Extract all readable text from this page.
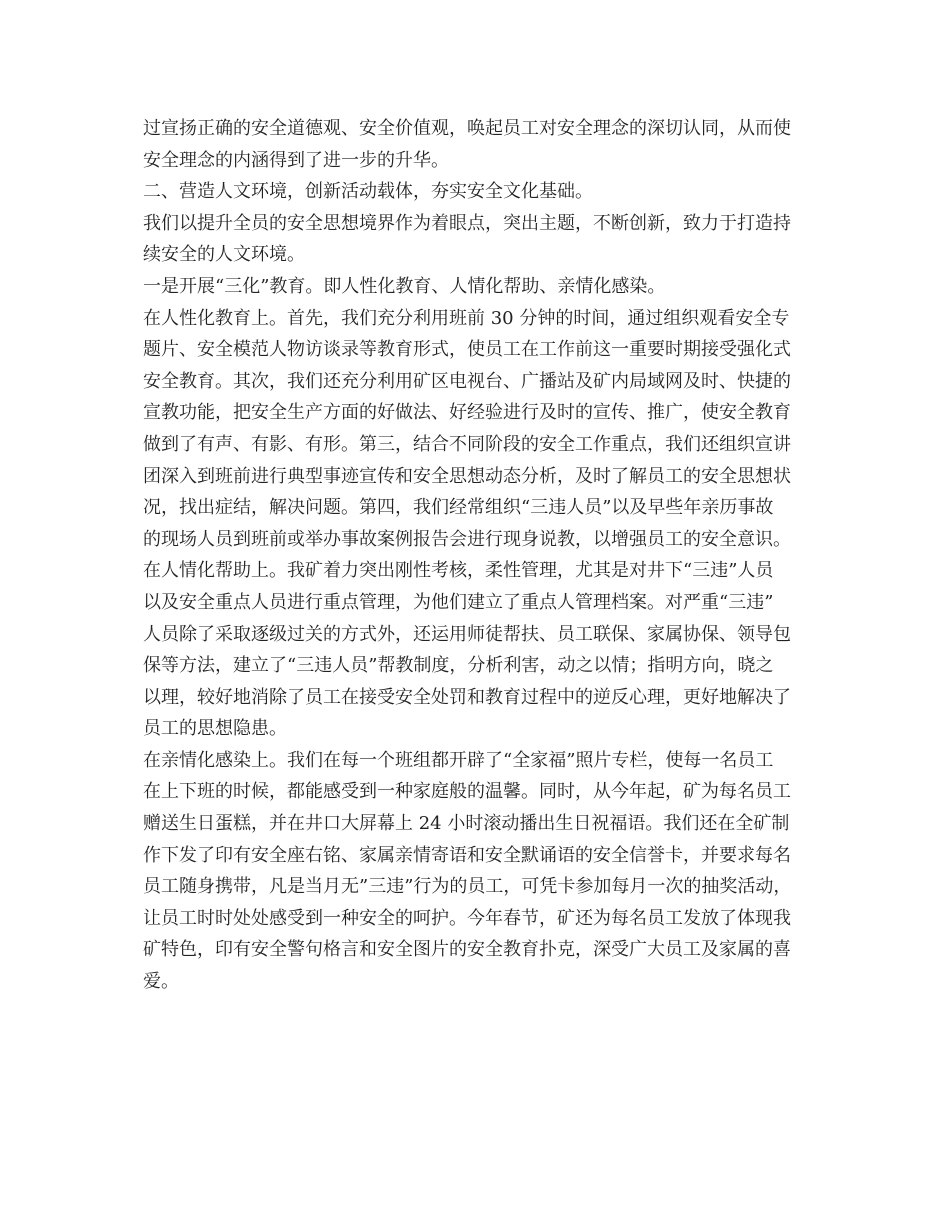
过宣扬正确的安全道德观、安全价值观，唤起员工对安全理念的深切认同，从而使
安全理念的内涵得到了进一步的升华。
二、营造人文环境，创新活动载体，夯实安全文化基础。
我们以提升全员的安全思想境界作为着眼点，突出主题，不断创新，致力于打造持
续安全的人文环境。
一是开展“三化”教育。即人性化教育、人情化帮助、亲情化感染。
在人性化教育上。首先，我们充分利用班前 30 分钟的时间，通过组织观看安全专
题片、安全模范人物访谈录等教育形式，使员工在工作前这一重要时期接受强化式
安全教育。其次，我们还充分利用矿区电视台、广播站及矿内局域网及时、快捷的
宣教功能，把安全生产方面的好做法、好经验进行及时的宣传、推广，使安全教育
做到了有声、有影、有形。第三，结合不同阶段的安全工作重点，我们还组织宣讲
团深入到班前进行典型事迹宣传和安全思想动态分析，及时了解员工的安全思想状
况，找出症结，解决问题。第四，我们经常组织“三违人员”以及早些年亲历事故
的现场人员到班前或举办事故案例报告会进行现身说教，以增强员工的安全意识。
在人情化帮助上。我矿着力突出刚性考核，柔性管理，尤其是对井下“三违”人员
以及安全重点人员进行重点管理，为他们建立了重点人管理档案。对严重“三违”
人员除了采取逐级过关的方式外，还运用师徒帮扶、员工联保、家属协保、领导包
保等方法，建立了“三违人员”帮教制度，分析利害，动之以情；指明方向，晓之
以理，较好地消除了员工在接受安全处罚和教育过程中的逆反心理，更好地解决了
员工的思想隐患。
在亲情化感染上。我们在每一个班组都开辟了“全家福”照片专栏，使每一名员工
在上下班的时候，都能感受到一种家庭般的温馨。同时，从今年起，矿为每名员工
赠送生日蛋糕，并在井口大屏幕上 24 小时滚动播出生日祝福语。我们还在全矿制
作下发了印有安全座右铭、家属亲情寄语和安全默诵语的安全信誉卡，并要求每名
员工随身携带，凡是当月无”三违”行为的员工，可凭卡参加每月一次的抽奖活动，
让员工时时处处感受到一种安全的呵护。今年春节，矿还为每名员工发放了体现我
矿特色，印有安全警句格言和安全图片的安全教育扑克，深受广大员工及家属的喜
爱。
